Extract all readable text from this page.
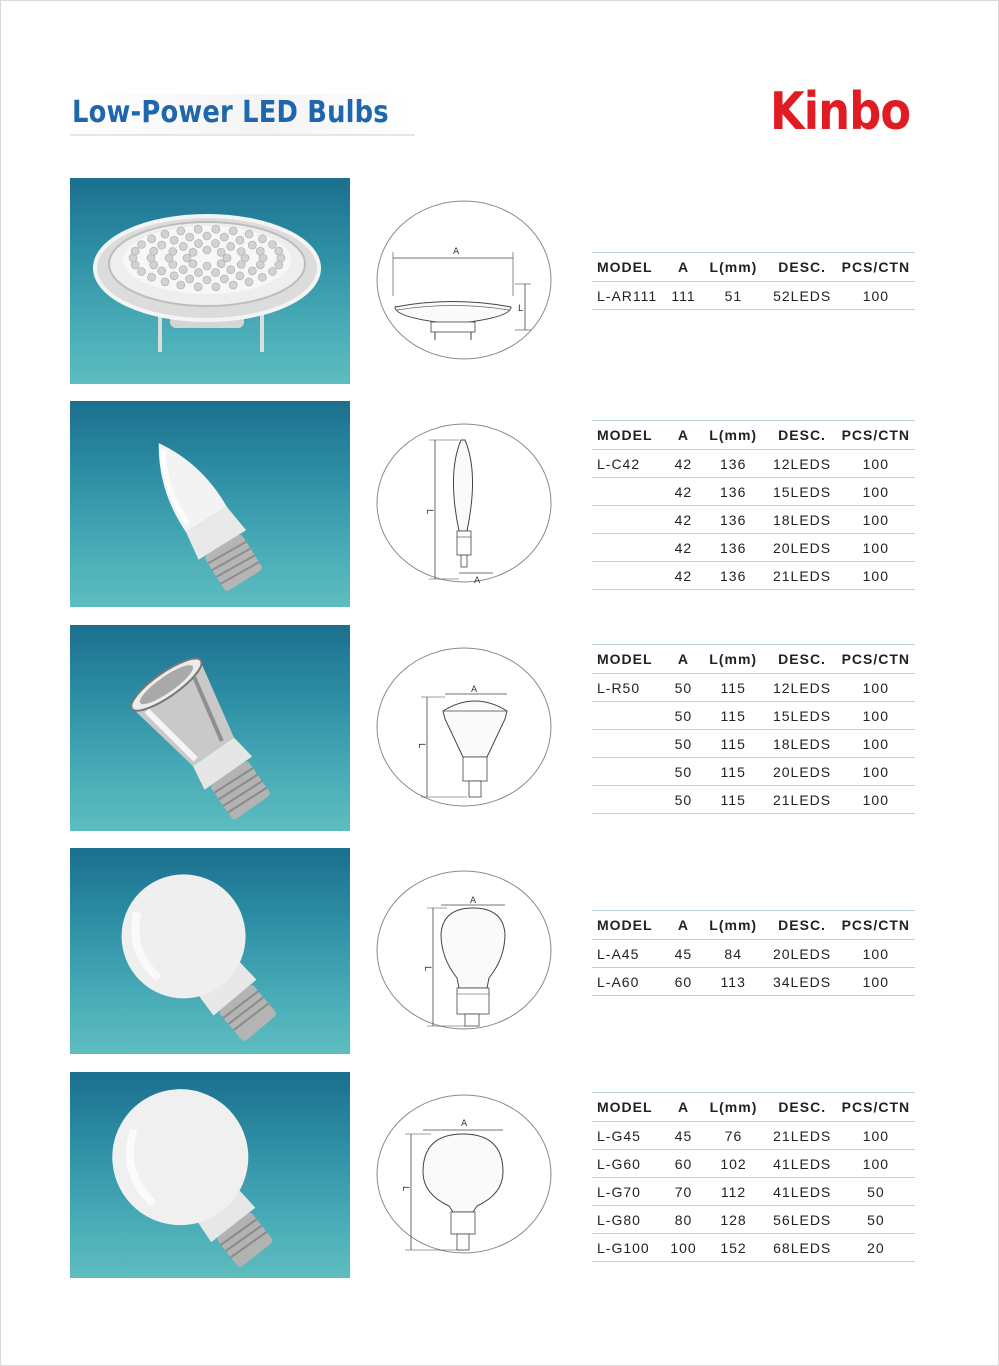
Low-Power LED Bulbs	Kinbo
A
L
MODEL	A	L(mm)	DESC.	PCS/CTN
L-AR111	111	51	52LEDS	100
L
A
MODEL	A	L(mm)	DESC.	PCS/CTN
L-C42	42	136	12LEDS	100
	42	136	15LEDS	100
	42	136	18LEDS	100
	42	136	20LEDS	100
	42	136	21LEDS	100
A
L
MODEL	A	L(mm)	DESC.	PCS/CTN
L-R50	50	115	12LEDS	100
	50	115	15LEDS	100
	50	115	18LEDS	100
	50	115	20LEDS	100
	50	115	21LEDS	100
A
L
MODEL	A	L(mm)	DESC.	PCS/CTN
L-A45	45	84	20LEDS	100
L-A60	60	113	34LEDS	100
A
L
MODEL	A	L(mm)	DESC.	PCS/CTN
L-G45	45	76	21LEDS	100
L-G60	60	102	41LEDS	100
L-G70	70	112	41LEDS	50
L-G80	80	128	56LEDS	50
L-G100	100	152	68LEDS	20
